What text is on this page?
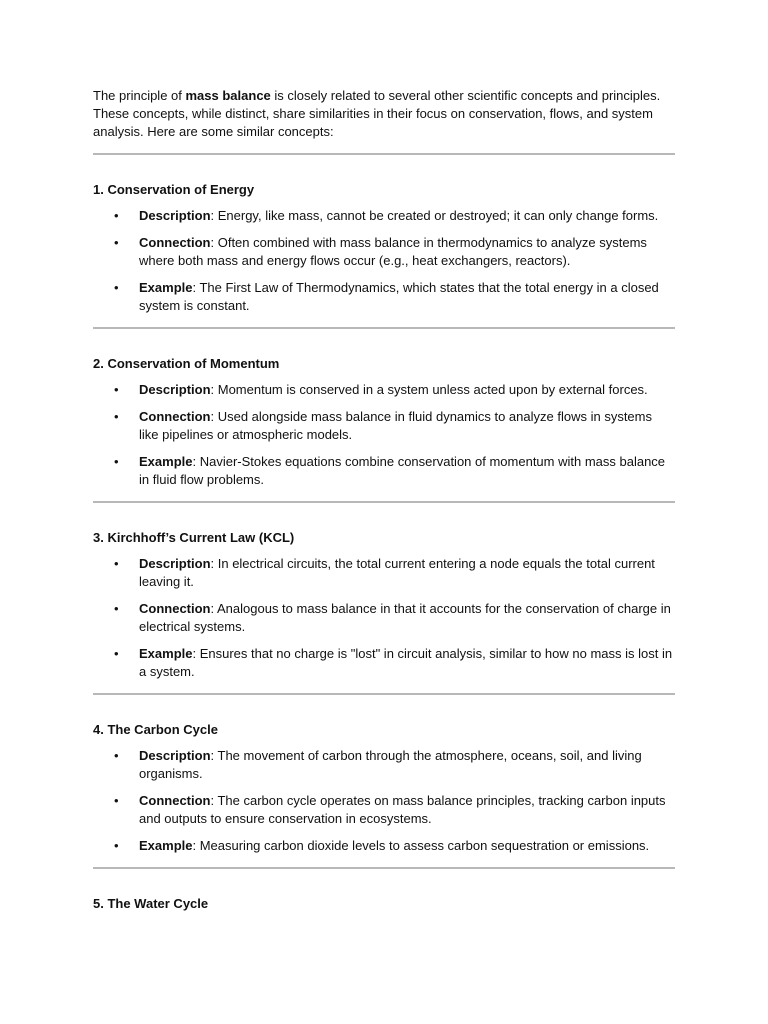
The principle of mass balance is closely related to several other scientific concepts and principles. These concepts, while distinct, share similarities in their focus on conservation, flows, and system analysis. Here are some similar concepts:

1. Conservation of Energy
• Description: Energy, like mass, cannot be created or destroyed; it can only change forms.
• Connection: Often combined with mass balance in thermodynamics to analyze systems where both mass and energy flows occur (e.g., heat exchangers, reactors).
• Example: The First Law of Thermodynamics, which states that the total energy in a closed system is constant.
2. Conservation of Momentum
• Description: Momentum is conserved in a system unless acted upon by external forces.
• Connection: Used alongside mass balance in fluid dynamics to analyze flows in systems like pipelines or atmospheric models.
• Example: Navier-Stokes equations combine conservation of momentum with mass balance in fluid flow problems.
3. Kirchhoff’s Current Law (KCL)
• Description: In electrical circuits, the total current entering a node equals the total current leaving it.
• Connection: Analogous to mass balance in that it accounts for the conservation of charge in electrical systems.
• Example: Ensures that no charge is "lost" in circuit analysis, similar to how no mass is lost in a system.
4. The Carbon Cycle
• Description: The movement of carbon through the atmosphere, oceans, soil, and living organisms.
• Connection: The carbon cycle operates on mass balance principles, tracking carbon inputs and outputs to ensure conservation in ecosystems.
• Example: Measuring carbon dioxide levels to assess carbon sequestration or emissions.
5. The Water Cycle
